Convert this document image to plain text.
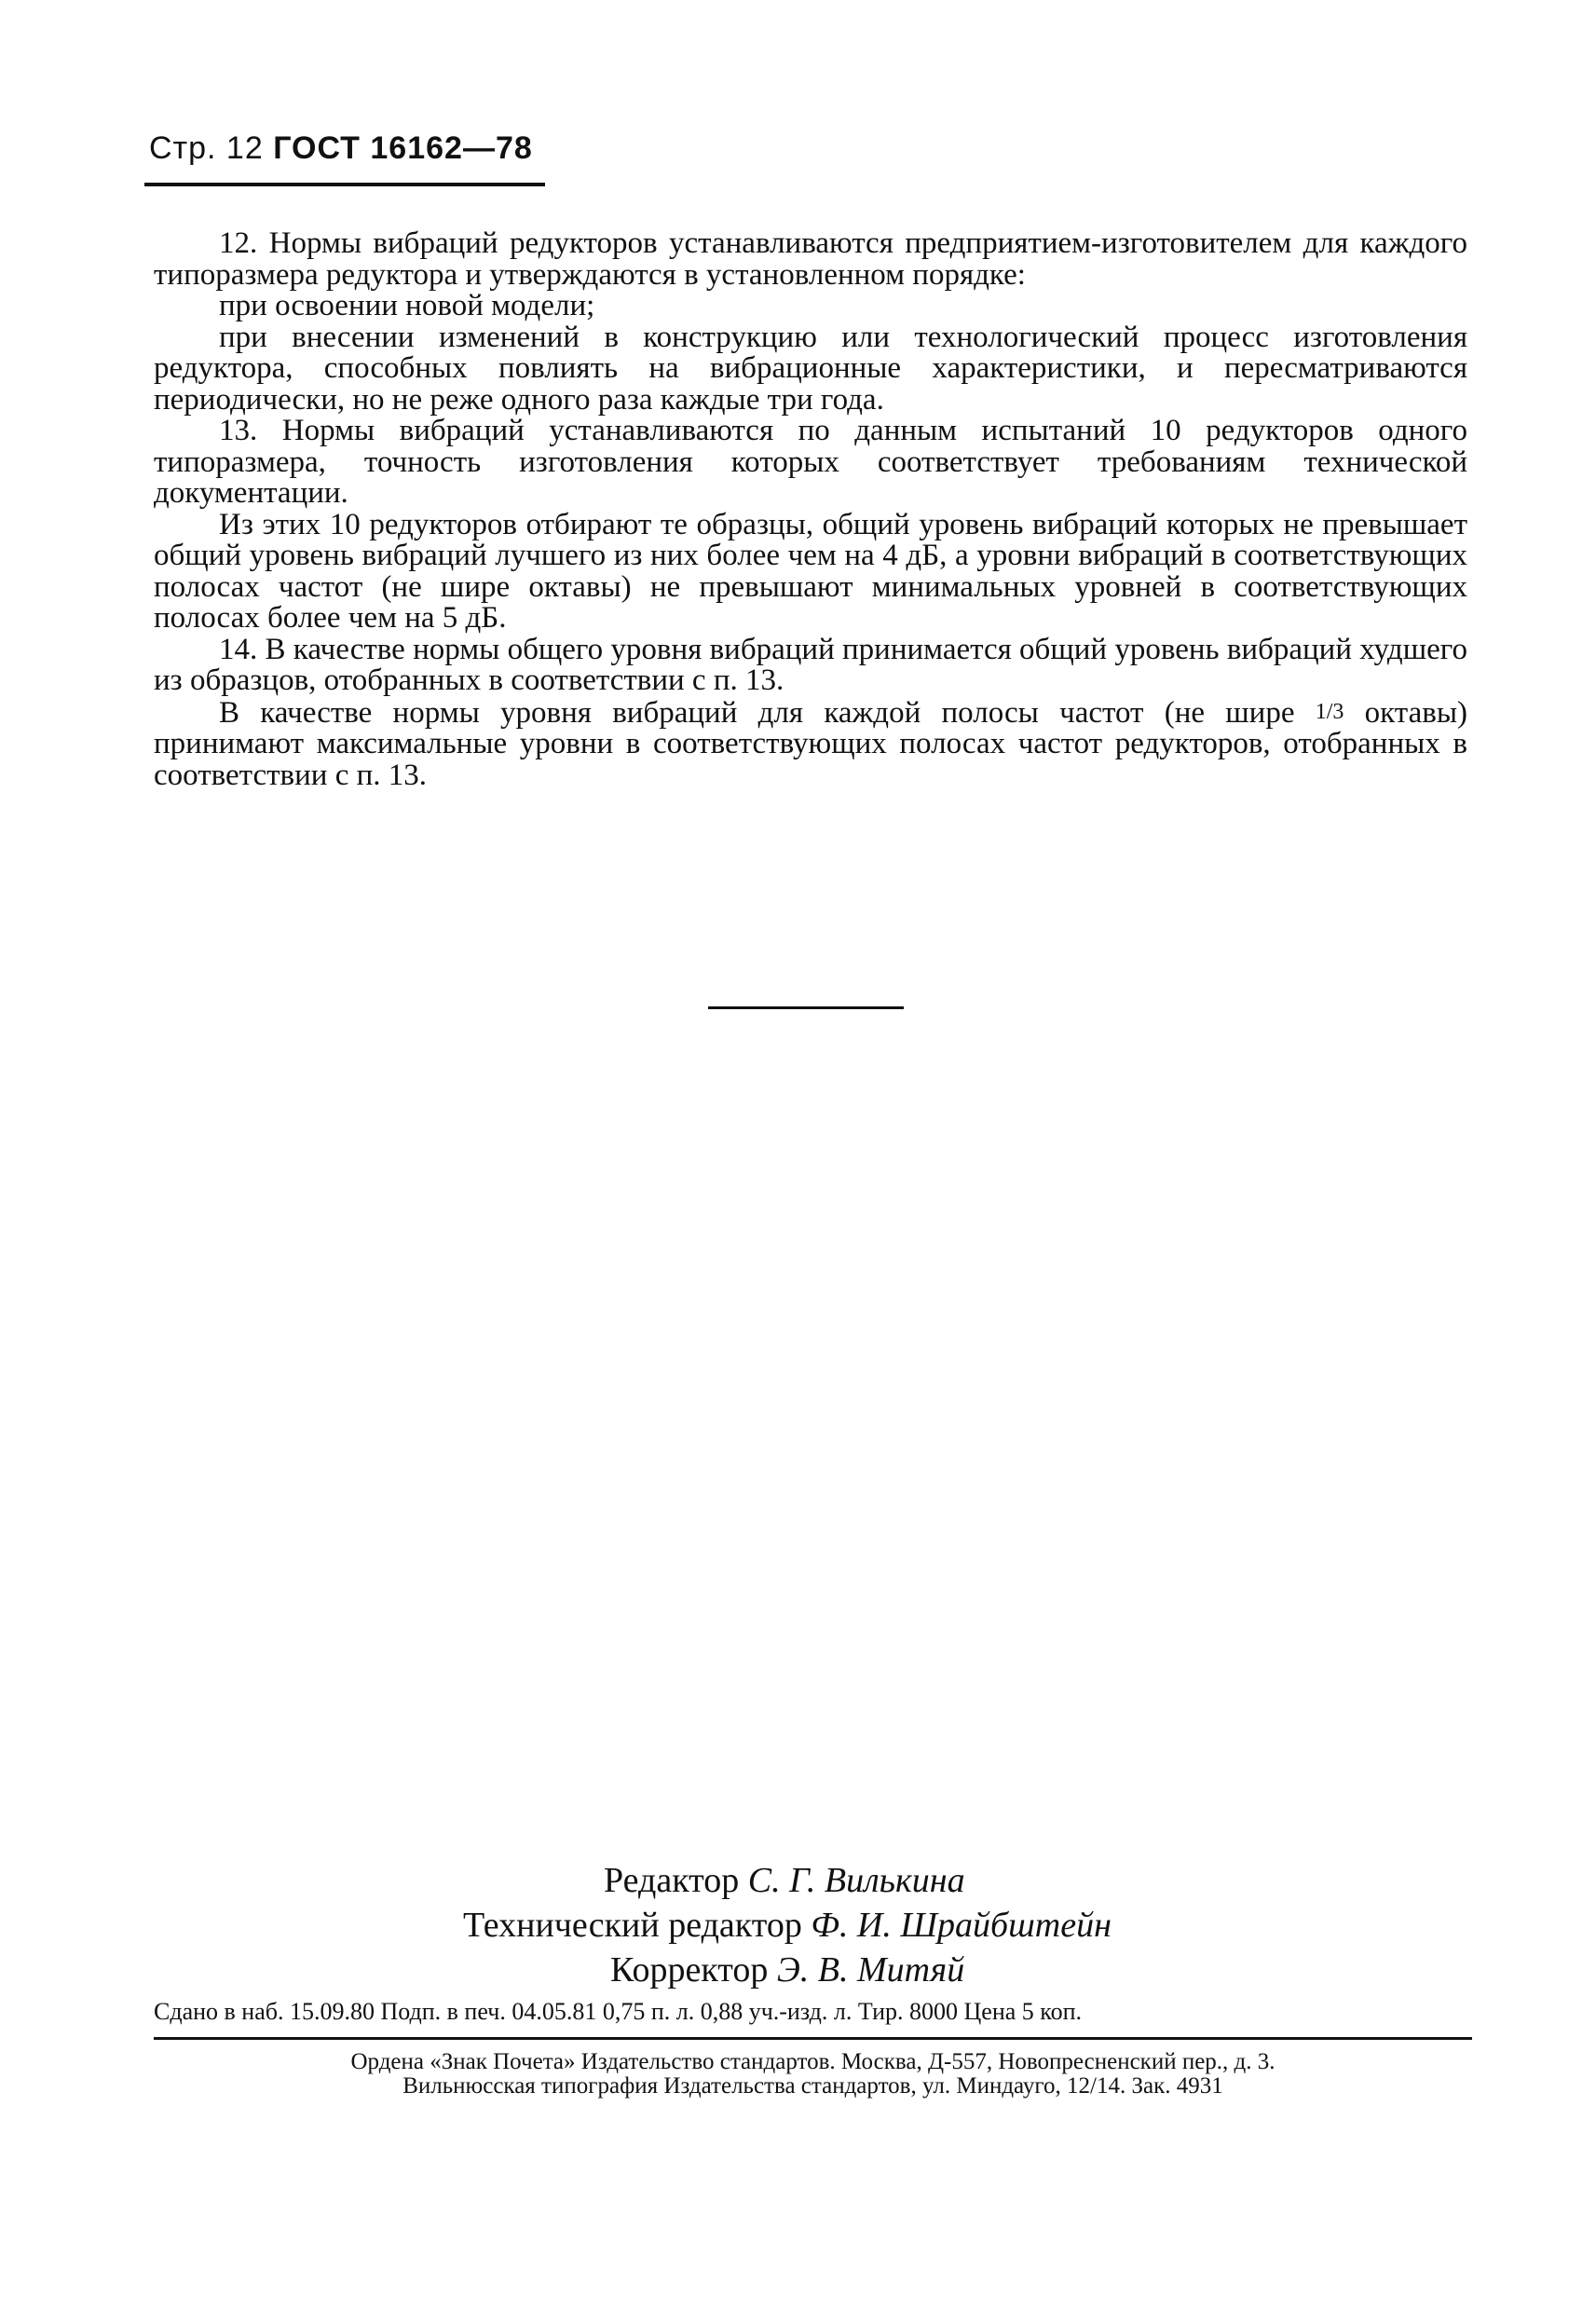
Стр. 12 ГОСТ 16162—78

12. Нормы вибраций редукторов устанавливаются предприятием-изготовителем для каждого типоразмера редуктора и утверждаются в установленном порядке:

при освоении новой модели;

при внесении изменений в конструкцию или технологический процесс изготовления редуктора, способных повлиять на вибрационные характеристики, и пересматриваются периодически, но не реже одного раза каждые три года.

13. Нормы вибраций устанавливаются по данным испытаний 10 редукторов одного типоразмера, точность изготовления которых соответствует требованиям технической документации.

Из этих 10 редукторов отбирают те образцы, общий уровень вибраций которых не превышает общий уровень вибраций лучшего из них более чем на 4 дБ, а уровни вибраций в соответствующих полосах частот (не шире октавы) не превышают минимальных уровней в соответствующих полосах более чем на 5 дБ.

14. В качестве нормы общего уровня вибраций принимается общий уровень вибраций худшего из образцов, отобранных в соответствии с п. 13.

В качестве нормы уровня вибраций для каждой полосы частот (не шире 1/3 октавы) принимают максимальные уровни в соответствующих полосах частот редукторов, отобранных в соответствии с п. 13.

Редактор С. Г. Вилькина
Технический редактор Ф. И. Шрайбштейн
Корректор Э. В. Митяй
Сдано в наб. 15.09.80 Подп. в печ. 04.05.81 0,75 п. л. 0,88 уч.-изд. л. Тир. 8000 Цена 5 коп.
Ордена «Знак Почета» Издательство стандартов. Москва, Д-557, Новопресненский пер., д. 3.
Вильнюсская типография Издательства стандартов, ул. Миндауго, 12/14. Зак. 4931
